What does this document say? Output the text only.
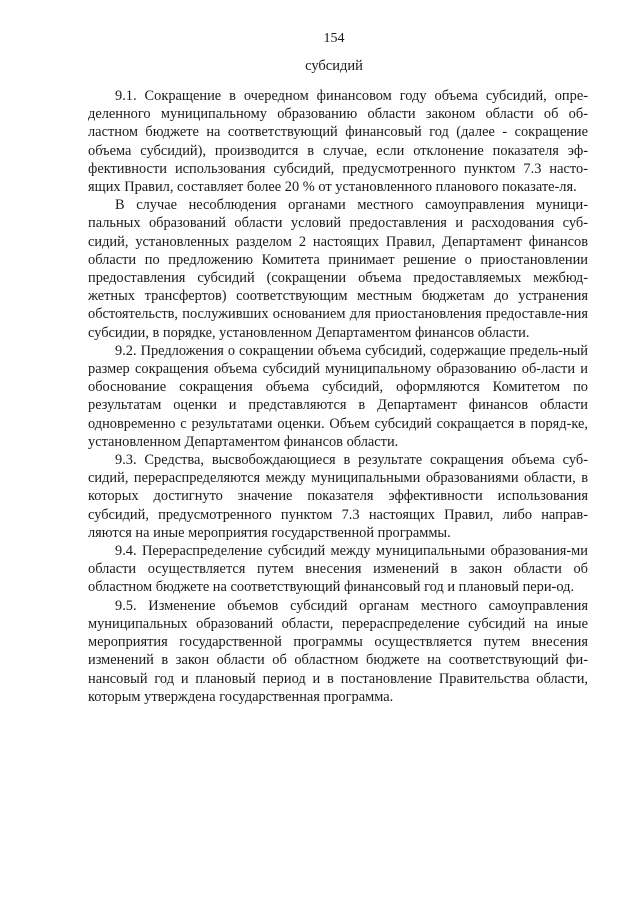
154
субсидий

9.1. Сокращение в очередном финансовом году объема субсидий, опре-деленного муниципальному образованию области законом области об об-ластном бюджете на соответствующий финансовый год (далее - сокращение объема субсидий), производится в случае, если отклонение показателя эф-фективности использования субсидий, предусмотренного пунктом 7.3 насто-ящих Правил, составляет более 20 % от установленного планового показате-ля.

В случае несоблюдения органами местного самоуправления муници-пальных образований области условий предоставления и расходования суб-сидий, установленных разделом 2 настоящих Правил, Департамент финансов области по предложению Комитета принимает решение о приостановлении предоставления субсидий (сокращении объема предоставляемых межбюд-жетных трансфертов) соответствующим местным бюджетам до устранения обстоятельств, послуживших основанием для приостановления предоставле-ния субсидии, в порядке, установленном Департаментом финансов области.

9.2. Предложения о сокращении объема субсидий, содержащие предель-ный размер сокращения объема субсидий муниципальному образованию об-ласти и обоснование сокращения объема субсидий, оформляются Комитетом по результатам оценки и представляются в Департамент финансов области одновременно с результатами оценки. Объем субсидий сокращается в поряд-ке, установленном Департаментом финансов области.

9.3. Средства, высвобождающиеся в результате сокращения объема суб-сидий, перераспределяются между муниципальными образованиями области, в которых достигнуто значение показателя эффективности использования субсидий, предусмотренного пунктом 7.3 настоящих Правил, либо направ-ляются на иные мероприятия государственной программы.

9.4. Перераспределение субсидий между муниципальными образования-ми области осуществляется путем внесения изменений в закон области об областном бюджете на соответствующий финансовый год и плановый пери-од.

9.5. Изменение объемов субсидий органам местного самоуправления муниципальных образований области, перераспределение субсидий на иные мероприятия государственной программы осуществляется путем внесения изменений в закон области об областном бюджете на соответствующий фи-нансовый год и плановый период и в постановление Правительства области, которым утверждена государственная программа.
